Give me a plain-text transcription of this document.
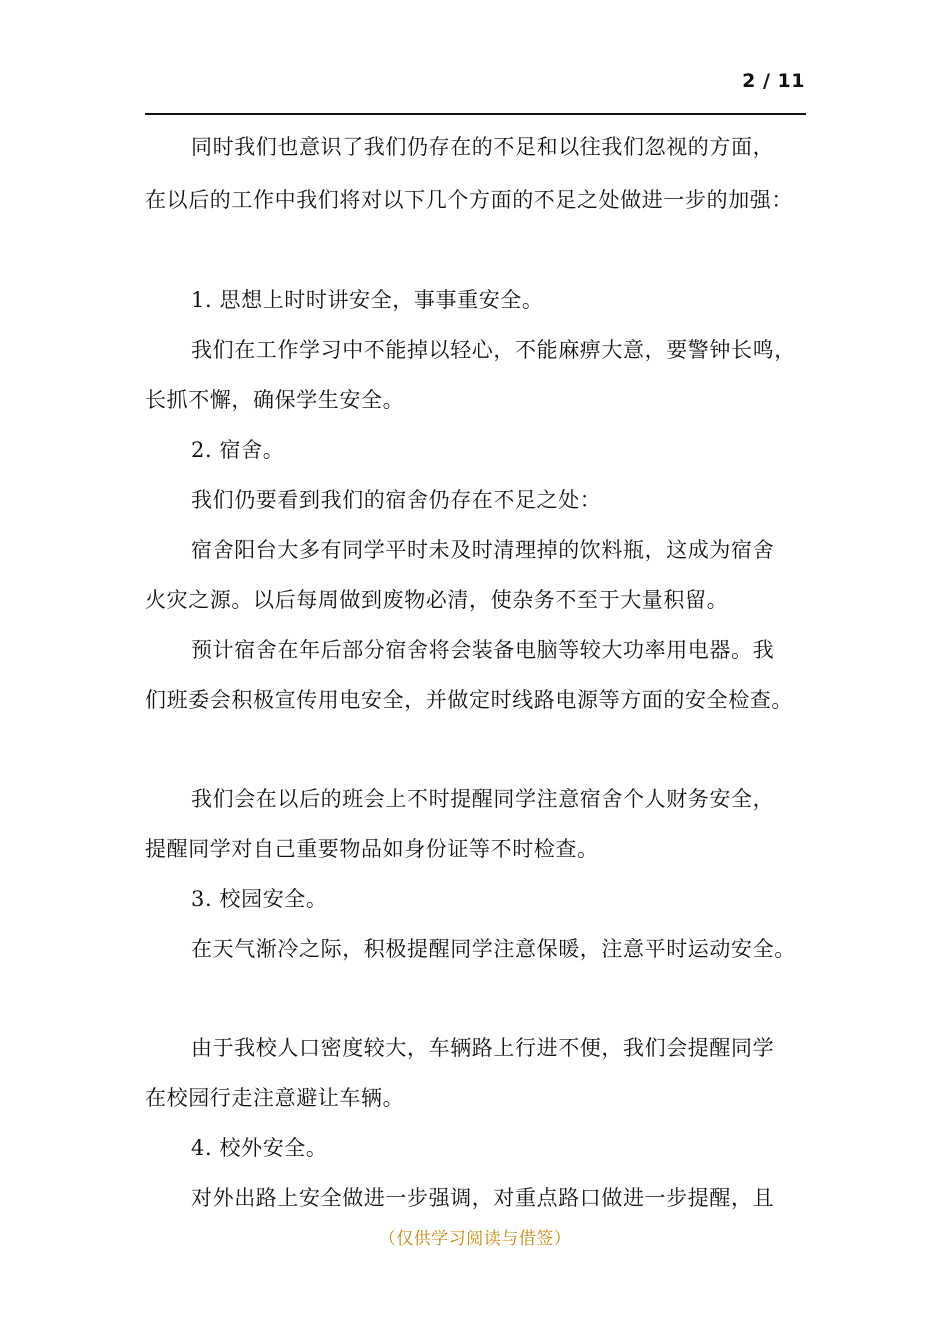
2 / 11
同时我们也意识了我们仍存在的不足和以往我们忽视的方面，
在以后的工作中我们将对以下几个方面的不足之处做进一步的加强：
1. 思想上时时讲安全，事事重安全。
我们在工作学习中不能掉以轻心，不能麻痹大意，要警钟长鸣，
长抓不懈，确保学生安全。
2. 宿舍。
我们仍要看到我们的宿舍仍存在不足之处：
宿舍阳台大多有同学平时未及时清理掉的饮料瓶，这成为宿舍
火灾之源。以后每周做到废物必清，使杂务不至于大量积留。
预计宿舍在年后部分宿舍将会装备电脑等较大功率用电器。我
们班委会积极宣传用电安全，并做定时线路电源等方面的安全检查。
我们会在以后的班会上不时提醒同学注意宿舍个人财务安全，
提醒同学对自己重要物品如身份证等不时检查。
3. 校园安全。
在天气渐冷之际，积极提醒同学注意保暖，注意平时运动安全。
由于我校人口密度较大，车辆路上行进不便，我们会提醒同学
在校园行走注意避让车辆。
4. 校外安全。
对外出路上安全做进一步强调，对重点路口做进一步提醒，且
（仅供学习阅读与借签）
